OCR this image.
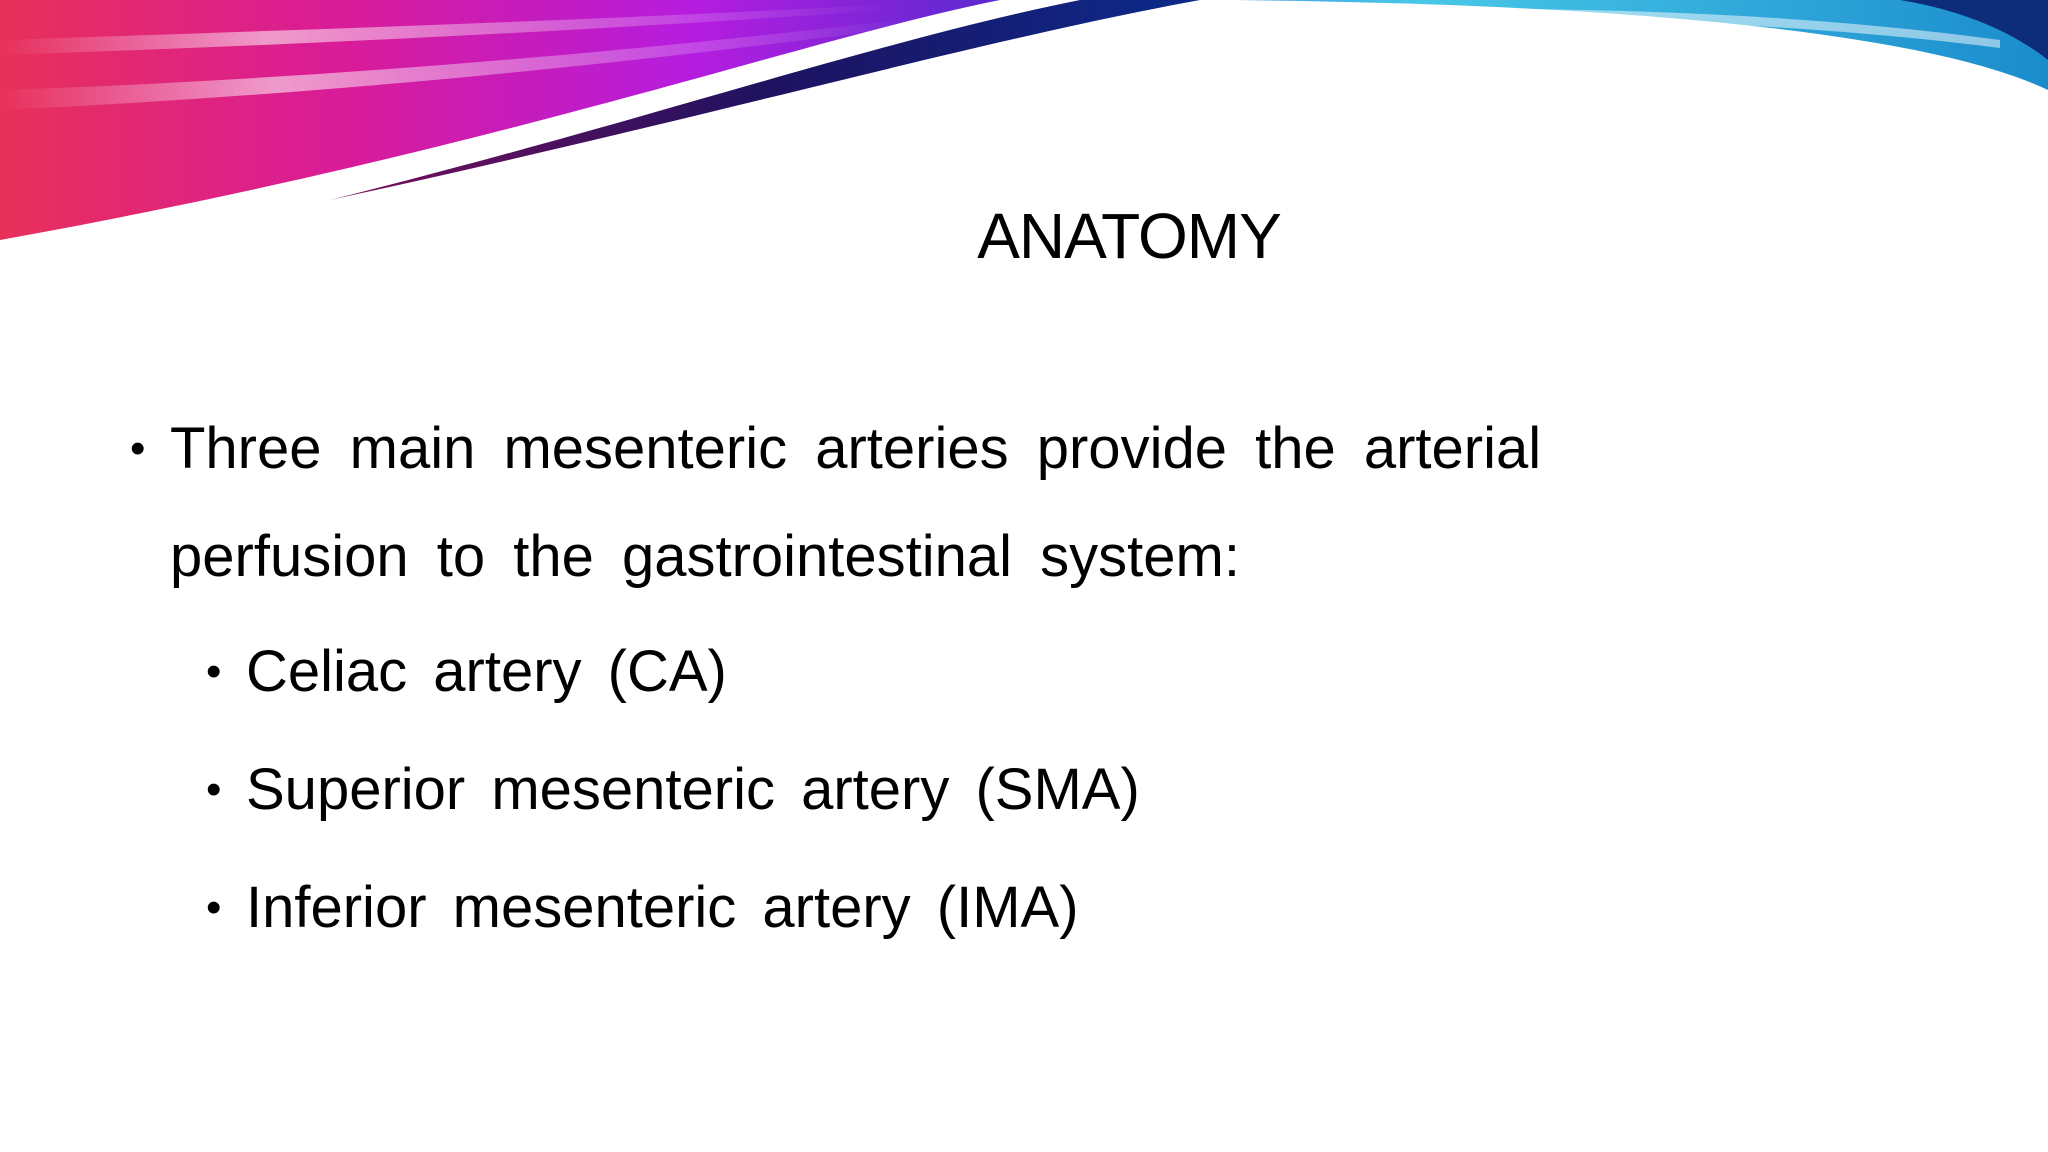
ANATOMY
• Three main mesenteric arteries provide the arterial perfusion to the gastrointestinal system:
• Celiac artery (CA)
• Superior mesenteric artery (SMA)
• Inferior mesenteric artery (IMA)
